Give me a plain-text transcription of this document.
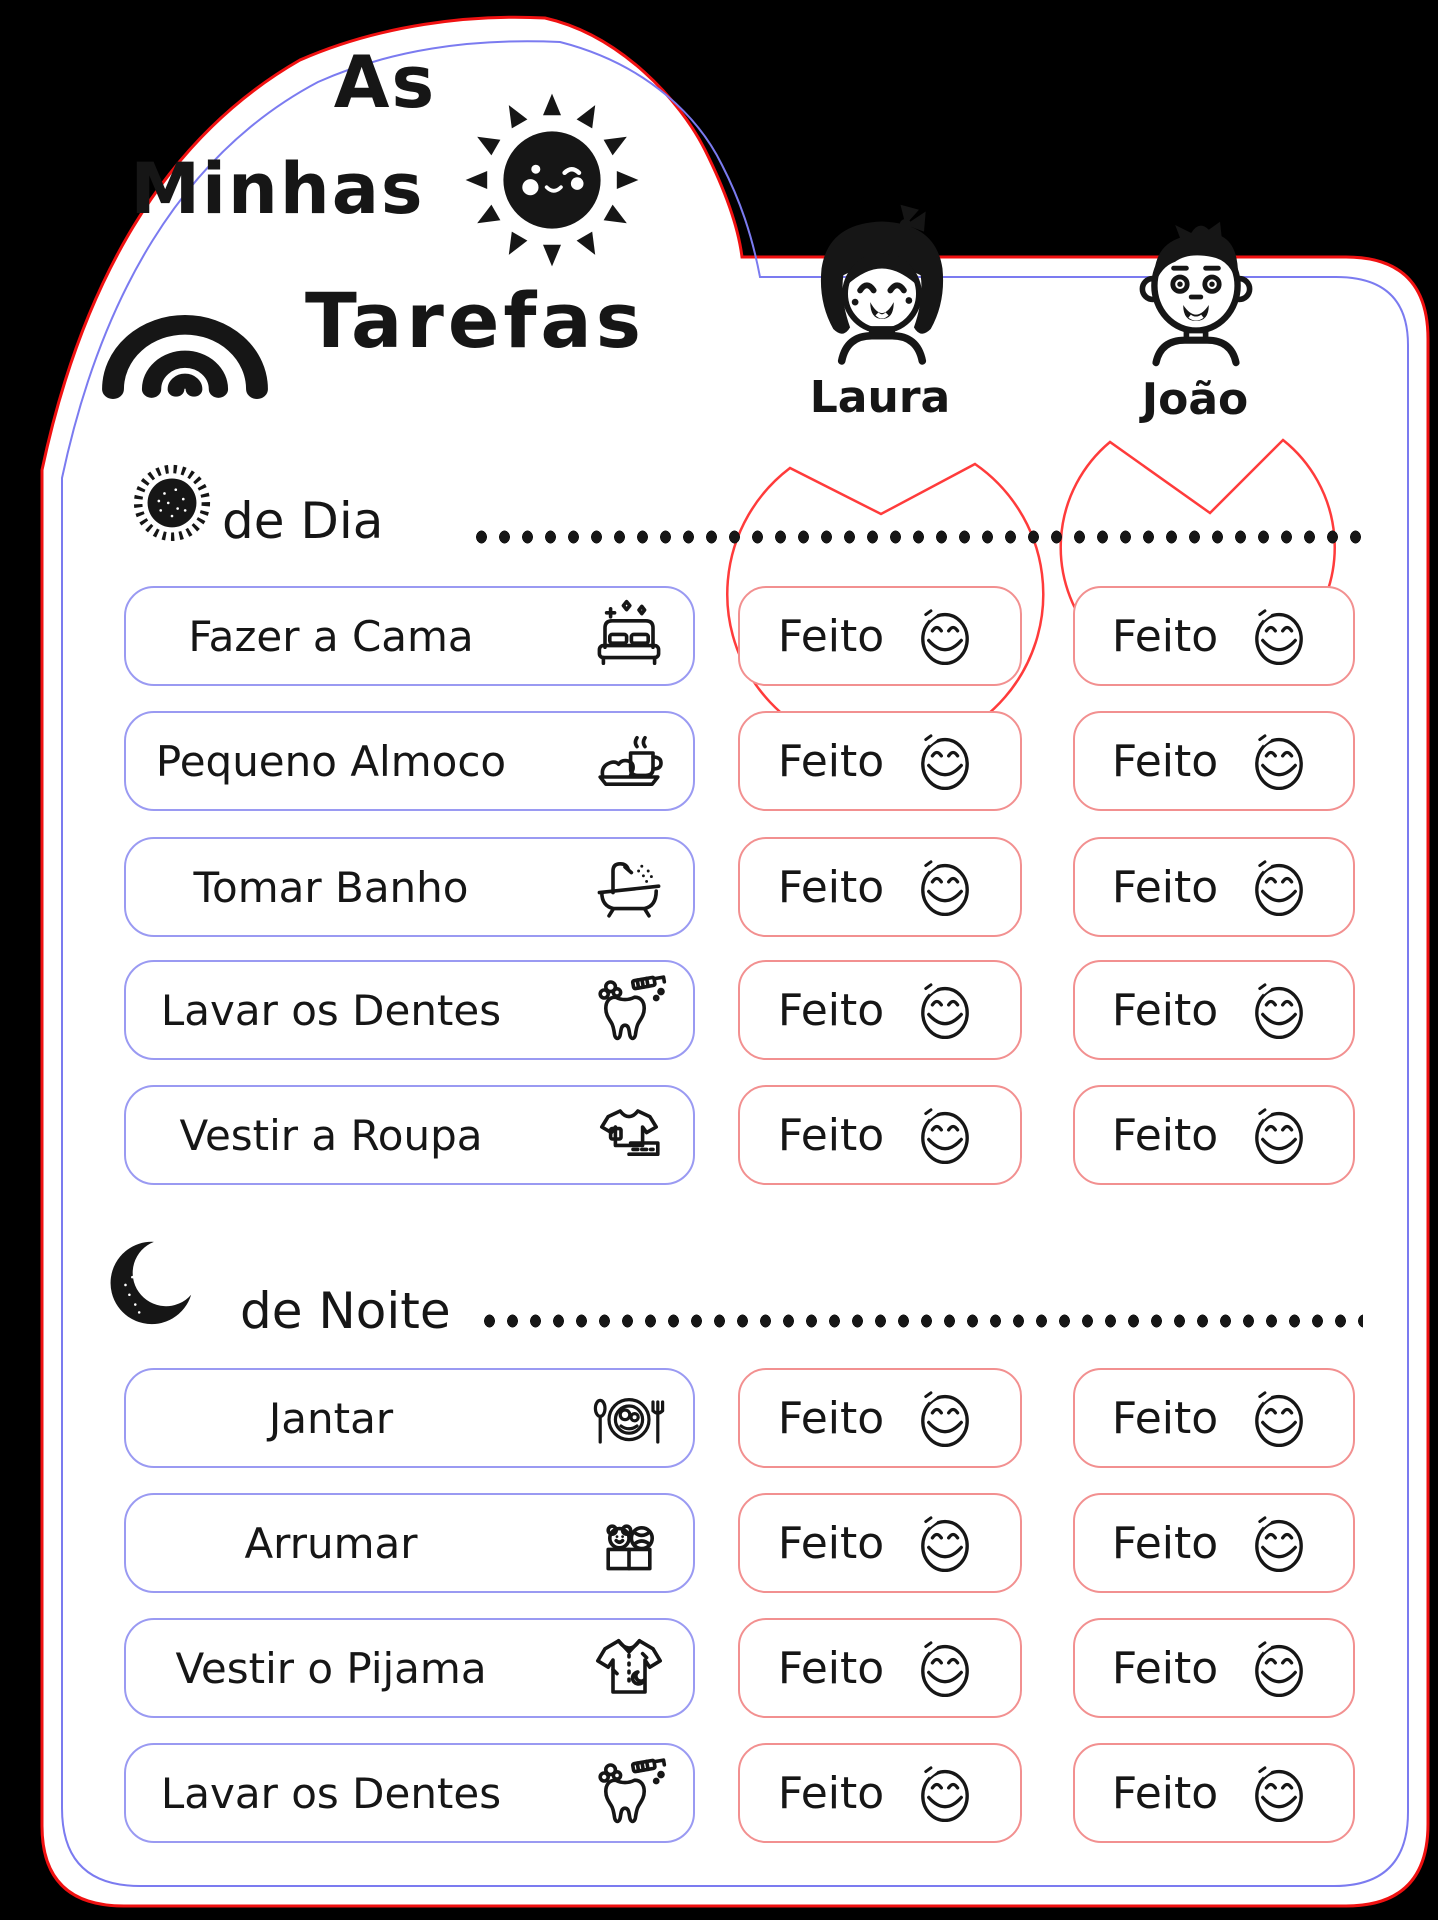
As
Minhas
Tarefas
Laura	João
de Dia
Fazer a Cama	Feito	Feito
Pequeno Almoco	Feito	Feito
Tomar Banho	Feito	Feito
Lavar os Dentes	Feito	Feito
Vestir a Roupa	Feito	Feito
de Noite
Jantar	Feito	Feito
Arrumar	Feito	Feito
Vestir o Pijama	Feito	Feito
Lavar os Dentes	Feito	Feito
